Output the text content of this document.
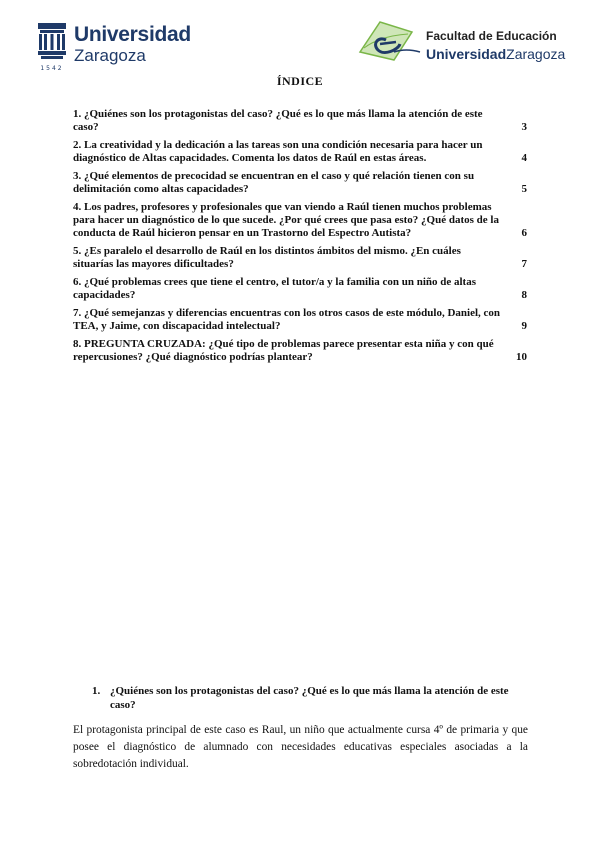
1542
Universidad
Zaragoza
Facultad de Educación
UniversidadZaragoza
ÍNDICE
1. ¿Quiénes son los protagonistas del caso? ¿Qué es lo que más llama la atención de este caso?	3
2. La creatividad y la dedicación a las tareas son una condición necesaria para hacer un diagnóstico de Altas capacidades. Comenta los datos de Raúl en estas áreas.	4
3. ¿Qué elementos de precocidad se encuentran en el caso y qué relación tienen con su delimitación como altas capacidades?	5
4. Los padres, profesores y profesionales que van viendo a Raúl tienen muchos problemas para hacer un diagnóstico de lo que sucede. ¿Por qué crees que pasa esto? ¿Qué datos de la conducta de Raúl hicieron pensar en un Trastorno del Espectro Autista?	6
5. ¿Es paralelo el desarrollo de Raúl en los distintos ámbitos del mismo. ¿En cuáles situarías las mayores dificultades?	7
6. ¿Qué problemas crees que tiene el centro, el tutor/a y la familia con un niño de altas capacidades?	8
7. ¿Qué semejanzas y diferencias encuentras con los otros casos de este módulo, Daniel, con TEA, y Jaime, con discapacidad intelectual?	9
8. PREGUNTA CRUZADA: ¿Qué tipo de problemas parece presentar esta niña y con qué repercusiones? ¿Qué diagnóstico podrías plantear?	10
1. ¿Quiénes son los protagonistas del caso? ¿Qué es lo que más llama la atención de este caso?
El protagonista principal de este caso es Raul, un niño que actualmente cursa 4º de primaria y que posee el diagnóstico de alumnado con necesidades educativas especiales asociadas a la sobredotación individual.
